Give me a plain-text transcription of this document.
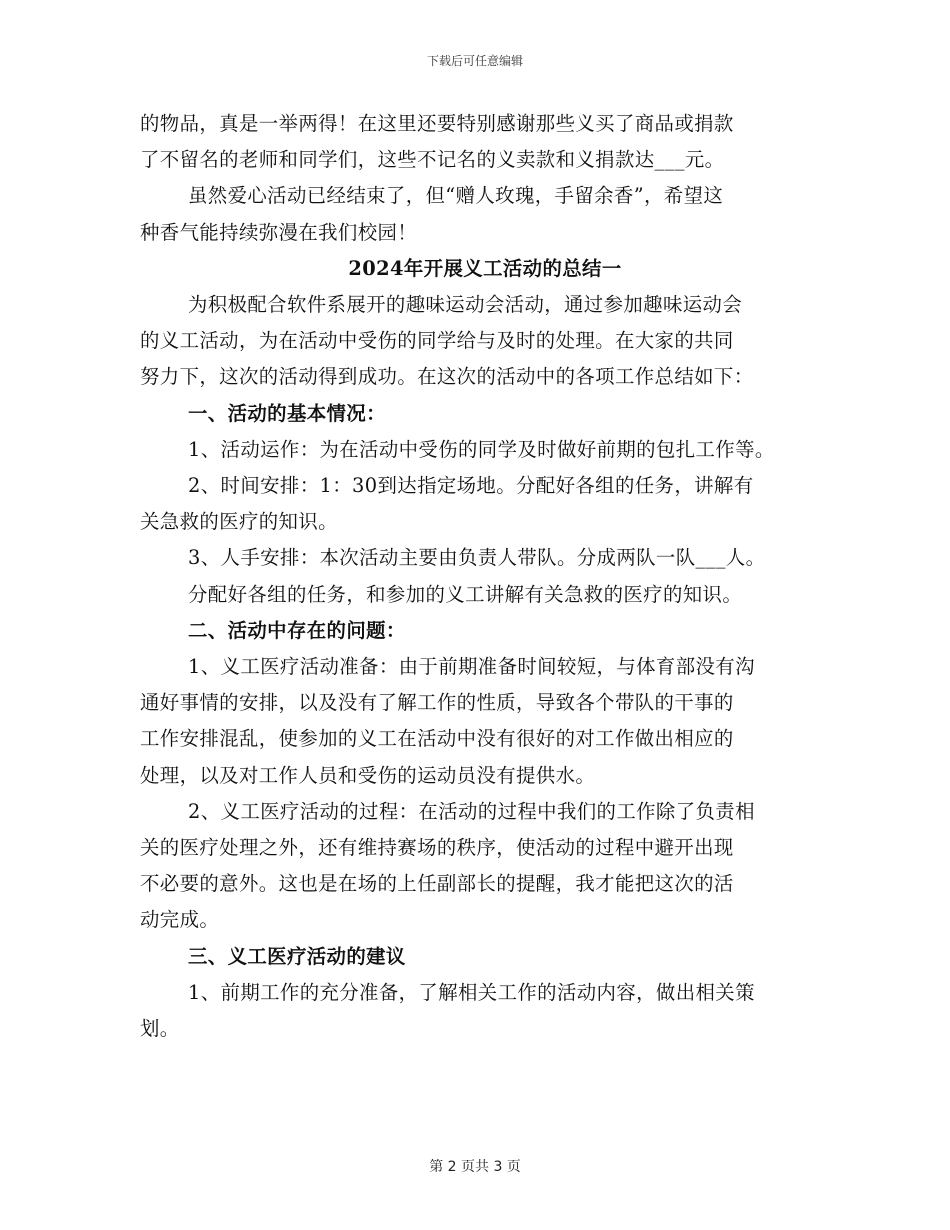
下载后可任意编辑

的物品，真是一举两得！在这里还要特别感谢那些义买了商品或捐款

了不留名的老师和同学们，这些不记名的义卖款和义捐款达___元。

虽然爱心活动已经结束了，但“赠人玫瑰，手留余香”，希望这

种香气能持续弥漫在我们校园！

2024年开展义工活动的总结一

为积极配合软件系展开的趣味运动会活动，通过参加趣味运动会

的义工活动，为在活动中受伤的同学给与及时的处理。在大家的共同

努力下，这次的活动得到成功。在这次的活动中的各项工作总结如下：

一、活动的基本情况：

1、活动运作：为在活动中受伤的同学及时做好前期的包扎工作等。

2、时间安排：1：30到达指定场地。分配好各组的任务，讲解有

关急救的医疗的知识。

3、人手安排：本次活动主要由负责人带队。分成两队一队___人。

分配好各组的任务，和参加的义工讲解有关急救的医疗的知识。

二、活动中存在的问题：

1、义工医疗活动准备：由于前期准备时间较短，与体育部没有沟

通好事情的安排，以及没有了解工作的性质，导致各个带队的干事的

工作安排混乱，使参加的义工在活动中没有很好的对工作做出相应的

处理，以及对工作人员和受伤的运动员没有提供水。

2、义工医疗活动的过程：在活动的过程中我们的工作除了负责相

关的医疗处理之外，还有维持赛场的秩序，使活动的过程中避开出现

不必要的意外。这也是在场的上任副部长的提醒，我才能把这次的活

动完成。

三、义工医疗活动的建议

1、前期工作的充分准备，了解相关工作的活动内容，做出相关策

划。

第 2 页共 3 页
